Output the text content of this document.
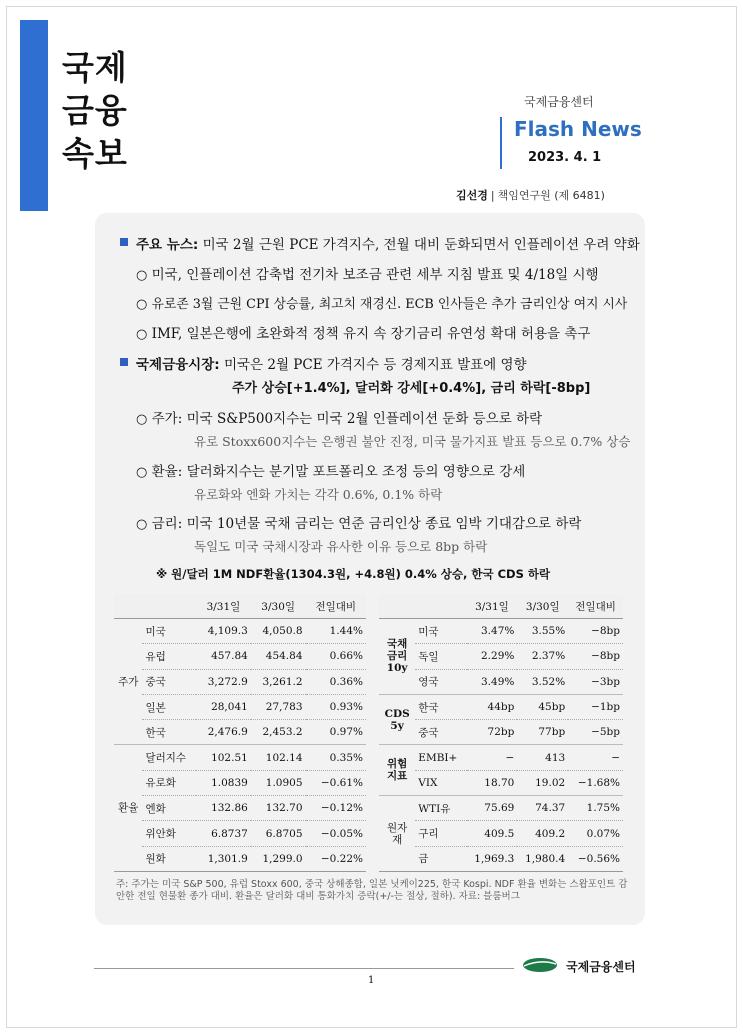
국제
금융
속보
국제금융센터
Flash News
2023. 4. 1
김선경 | 책임연구원 (제 6481)
주요 뉴스: 미국 2월 근원 PCE 가격지수, 전월 대비 둔화되면서 인플레이션 우려 약화
○ 미국, 인플레이션 감축법 전기차 보조금 관련 세부 지침 발표 및 4/18일 시행
○ 유로존 3월 근원 CPI 상승률, 최고치 재경신. ECB 인사들은 추가 금리인상 여지 시사
○ IMF, 일본은행에 초완화적 정책 유지 속 장기금리 유연성 확대 허용을 촉구
국제금융시장: 미국은 2월 PCE 가격지수 등 경제지표 발표에 영향
주가 상승[+1.4%], 달러화 강세[+0.4%], 금리 하락[-8bp]
○ 주가: 미국 S&P500지수는 미국 2월 인플레이션 둔화 등으로 하락
유로 Stoxx600지수는 은행권 불안 진정, 미국 물가지표 발표 등으로 0.7% 상승
○ 환율: 달러화지수는 분기말 포트폴리오 조정 등의 영향으로 강세
유로화와 엔화 가치는 각각 0.6%, 0.1% 하락
○ 금리: 미국 10년물 국채 금리는 연준 금리인상 종료 임박 기대감으로 하락
독일도 미국 국채시장과 유사한 이유 등으로 8bp 하락
※ 원/달러 1M NDF환율(1304.3원, +4.8원) 0.4% 상승, 한국 CDS 하락
		3/31일	3/30일	전일대비
주가	미국	4,109.3	4,050.8	1.44%
	유럽	457.84	454.84	0.66%
	중국	3,272.9	3,261.2	0.36%
	일본	28,041	27,783	0.93%
	한국	2,476.9	2,453.2	0.97%
환율	달러지수	102.51	102.14	0.35%
	유로화	1.0839	1.0905	−0.61%
	엔화	132.86	132.70	−0.12%
	위안화	6.8737	6.8705	−0.05%
	원화	1,301.9	1,299.0	−0.22%
		3/31일	3/30일	전일대비
국채
금리
10y	미국	3.47%	3.55%	−8bp
	독일	2.29%	2.37%	−8bp
	영국	3.49%	3.52%	−3bp
CDS
5y	한국	44bp	45bp	−1bp
	중국	72bp	77bp	−5bp
위험
지표	EMBI+	−	413	−
	VIX	18.70	19.02	−1.68%
원자재	WTI유	75.69	74.37	1.75%
	구리	409.5	409.2	0.07%
	금	1,969.3	1,980.4	−0.56%
주: 주가는 미국 S&P 500, 유럽 Stoxx 600, 중국 상해종합, 일본 닛케이225, 한국 Kospi. NDF 환율 변화는 스왑포인트 감안한 전일 현물환 종가 대비. 환율은 달러화 대비 통화가치 증락(+/-는 절상, 절하). 자료: 블룸버그
국제금융센터
1
